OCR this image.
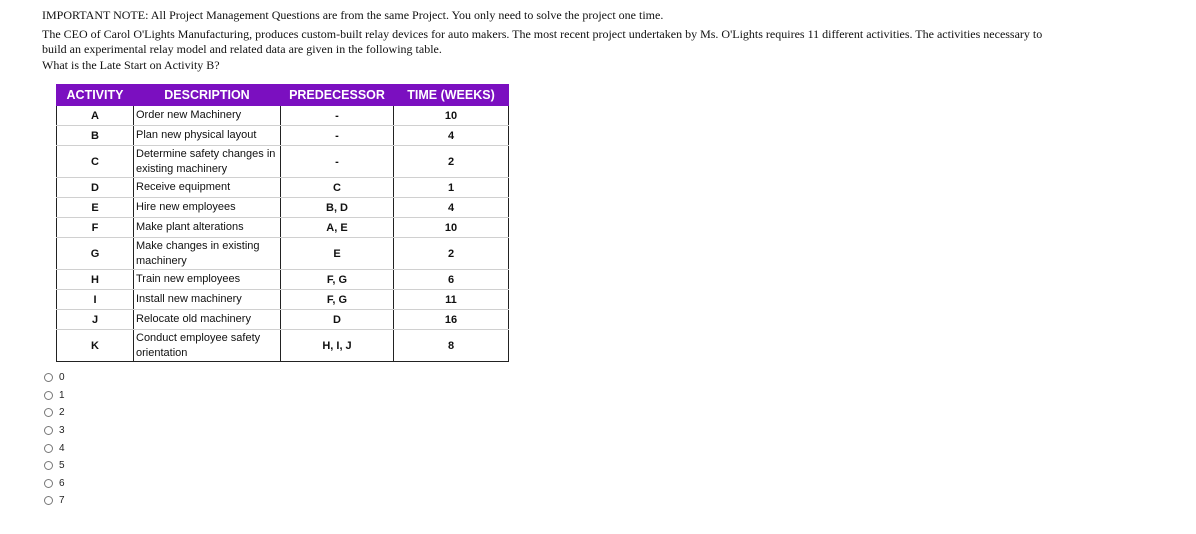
IMPORTANT NOTE: All Project Management Questions are from the same Project. You only need to solve the project one time.

The CEO of Carol O'Lights Manufacturing, produces custom-built relay devices for auto makers. The most recent project undertaken by Ms. O'Lights requires 11 different activities. The activities necessary to build an experimental relay model and related data are given in the following table.

What is the Late Start on Activity B?

ACTIVITY	DESCRIPTION	PREDECESSOR	TIME (WEEKS)
A	Order new Machinery	-	10
B	Plan new physical layout	-	4
C	Determine safety changes in existing machinery	-	2
D	Receive equipment	C	1
E	Hire new employees	B, D	4
F	Make plant alterations	A, E	10
G	Make changes in existing machinery	E	2
H	Train new employees	F, G	6
I	Install new machinery	F, G	11
J	Relocate old machinery	D	16
K	Conduct employee safety orientation	H, I, J	8
0
1
2
3
4
5
6
7
